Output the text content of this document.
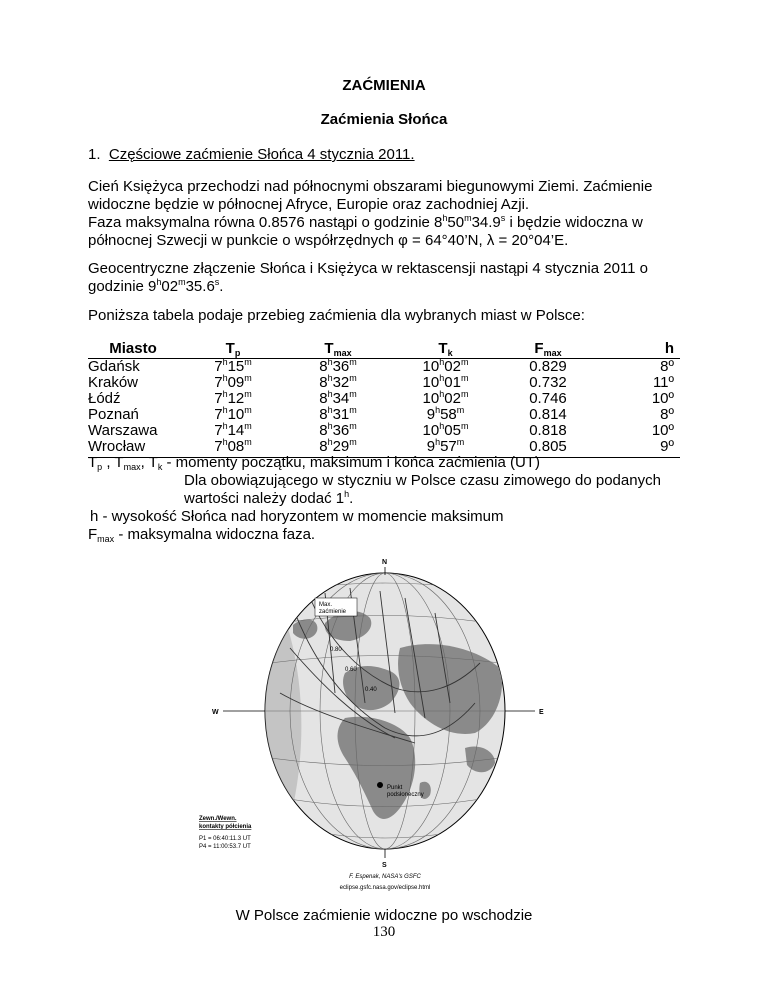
ZAĆMIENIA
Zaćmienia Słońca
1. Częściowe zaćmienie Słońca 4 stycznia 2011.

Cień Księżyca przechodzi nad północnymi obszarami biegunowymi Ziemi. Zaćmienie

widoczne będzie w północnej Afryce, Europie oraz zachodniej Azji.

Faza maksymalna równa 0.8576 nastąpi o godzinie 8$^h$50$^m$34.9$^s$ i będzie widoczna w

północnej Szwecji w punkcie o współrzędnych φ = 64°40’N, λ = 20°04’E.

Geocentryczne złączenie Słońca i Księżyca w rektascensji nastąpi 4 stycznia 2011 o

godzinie 9$^h$02$^m$35.6$^s$.

Poniższa tabela podaje przebieg zaćmienia dla wybranych miast w Polsce:
Miasto	$T_p$	$T_{max}$	$T_k$	$F_{max}$	h
Gdańsk	7$^h$15$^m$	8$^h$36$^m$	10$^h$02$^m$	0.829	8º
Kraków	7$^h$09$^m$	8$^h$32$^m$	10$^h$01$^m$	0.732	11º
Łódź	7$^h$12$^m$	8$^h$34$^m$	10$^h$02$^m$	0.746	10º
Poznań	7$^h$10$^m$	8$^h$31$^m$	9$^h$58$^m$	0.814	8º
Warszawa	7$^h$14$^m$	8$^h$36$^m$	10$^h$05$^m$	0.818	10º
Wrocław	7$^h$08$^m$	8$^h$29$^m$	9$^h$57$^m$	0.805	9º

$T_p$ , $T_{max}$, $T_k$ - momenty początku, maksimum i końca zaćmienia (UT)

Dla obowiązującego w styczniu w Polsce czasu zimowego do podanych

wartości należy dodać 1$^h$.

h - wysokość Słońca nad horyzontem w momencie maksimum

$F_{max}$ - maksymalna widoczna faza.

N
S
W	E
Max.
zaćmienie
0.40
0.60
0.80
Punkt
podsłoneczny
Zewn./Wewn.
kontakty półcienia
P1 = 06:40:11.3 UT
P4 = 11:00:53.7 UT
F. Espenak, NASA's GSFC
eclipse.gsfc.nasa.gov/eclipse.html
W Polsce zaćmienie widoczne po wschodzie
130
